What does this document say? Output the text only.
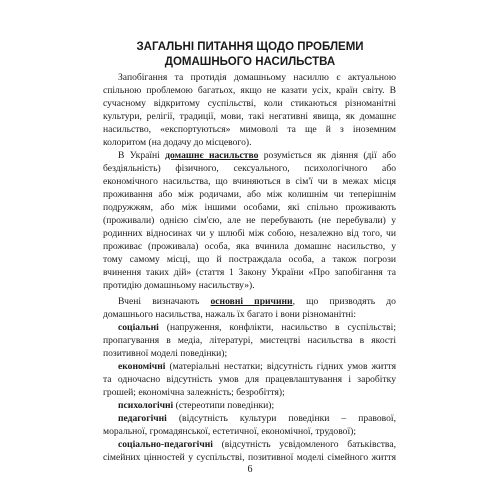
ЗАГАЛЬНІ ПИТАННЯ ЩОДО ПРОБЛЕМИ
ДОМАШНЬОГО НАСИЛЬСТВА
Запобігання та протидія домашньому насиллю є актуальною
спільною проблемою багатьох, якщо не казати усіх, країн світу. В
сучасному відкритому суспільстві, коли стикаються різноманітні
культури, релігії, традиції, мови, такі негативні явища, як домашнє
насильство, «експортуються» мимоволі та ще й з іноземним
колоритом (на додачу до місцевого).
В Україні домашнє насильство розуміється як діяння (дії або
бездіяльність) фізичного, сексуального, психологічного або
економічного насильства, що вчиняються в сім'ї чи в межах місця
проживання або між родичами, або між колишнім чи теперішнім
подружжям, або між іншими особами, які спільно проживають
(проживали) однією сім'єю, але не перебувають (не перебували) у
родинних відносинах чи у шлюбі між собою, незалежно від того, чи
проживає (проживала) особа, яка вчинила домашнє насильство, у
тому самому місці, що й постраждала особа, а також погрози
вчинення таких дій» (стаття 1 Закону України «Про запобігання та
протидію домашньому насильству»).
Вчені визначають основні причини, що призводять до
домашнього насильства, нажаль їх багато і вони різноманітні:
соціальні (напруження, конфлікти, насильство в суспільстві;
пропагування в медіа, літературі, мистецтві насильства в якості
позитивної моделі поведінки);
економічні (матеріальні нестатки; відсутність гідних умов життя
та одночасно відсутність умов для працевлаштування і заробітку
грошей; економічна залежність; безробіття);
психологічні (стереотипи поведінки);
педагогічні (відсутність культури поведінки – правової,
моральної, громадянської, естетичної, економічної, трудової);
соціально-педагогічні (відсутність усвідомленого батьківства,
сімейних цінностей у суспільстві, позитивної моделі сімейного життя
6
